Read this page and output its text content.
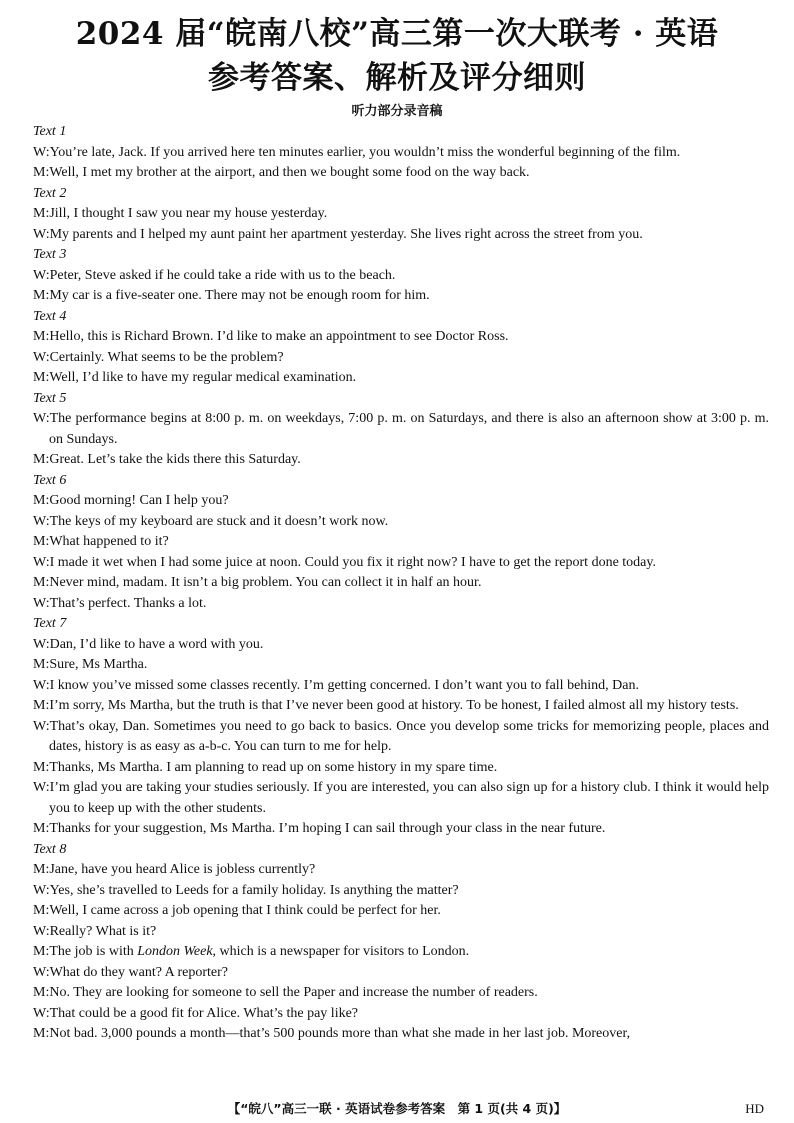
2024 届“皖南八校”高三第一次大联考 · 英语
参考答案、解析及评分细则
听力部分录音稿
Text 1
W:You’re late, Jack. If you arrived here ten minutes earlier, you wouldn’t miss the wonderful beginning of the film.
M:Well, I met my brother at the airport, and then we bought some food on the way back.
Text 2
M:Jill, I thought I saw you near my house yesterday.
W:My parents and I helped my aunt paint her apartment yesterday. She lives right across the street from you.
Text 3
W:Peter, Steve asked if he could take a ride with us to the beach.
M:My car is a five-seater one. There may not be enough room for him.
Text 4
M:Hello, this is Richard Brown. I’d like to make an appointment to see Doctor Ross.
W:Certainly. What seems to be the problem?
M:Well, I’d like to have my regular medical examination.
Text 5
W:The performance begins at 8:00 p. m. on weekdays, 7:00 p. m. on Saturdays, and there is also an afternoon show at 3:00 p. m. on Sundays.
M:Great. Let’s take the kids there this Saturday.
Text 6
M:Good morning! Can I help you?
W:The keys of my keyboard are stuck and it doesn’t work now.
M:What happened to it?
W:I made it wet when I had some juice at noon. Could you fix it right now? I have to get the report done today.
M:Never mind, madam. It isn’t a big problem. You can collect it in half an hour.
W:That’s perfect. Thanks a lot.
Text 7
W:Dan, I’d like to have a word with you.
M:Sure, Ms Martha.
W:I know you’ve missed some classes recently. I’m getting concerned. I don’t want you to fall behind, Dan.
M:I’m sorry, Ms Martha, but the truth is that I’ve never been good at history. To be honest, I failed almost all my history tests.
W:That’s okay, Dan. Sometimes you need to go back to basics. Once you develop some tricks for memorizing people, places and dates, history is as easy as a-b-c. You can turn to me for help.
M:Thanks, Ms Martha. I am planning to read up on some history in my spare time.
W:I’m glad you are taking your studies seriously. If you are interested, you can also sign up for a history club. I think it would help you to keep up with the other students.
M:Thanks for your suggestion, Ms Martha. I’m hoping I can sail through your class in the near future.
Text 8
M:Jane, have you heard Alice is jobless currently?
W:Yes, she’s travelled to Leeds for a family holiday. Is anything the matter?
M:Well, I came across a job opening that I think could be perfect for her.
W:Really? What is it?
M:The job is with London Week, which is a newspaper for visitors to London.
W:What do they want? A reporter?
M:No. They are looking for someone to sell the Paper and increase the number of readers.
W:That could be a good fit for Alice. What’s the pay like?
M:Not bad. 3,000 pounds a month—that’s 500 pounds more than what she made in her last job. Moreover,
【“皖八”高三一联 · 英语试卷参考答案　第 1 页(共 4 页)】	HD
